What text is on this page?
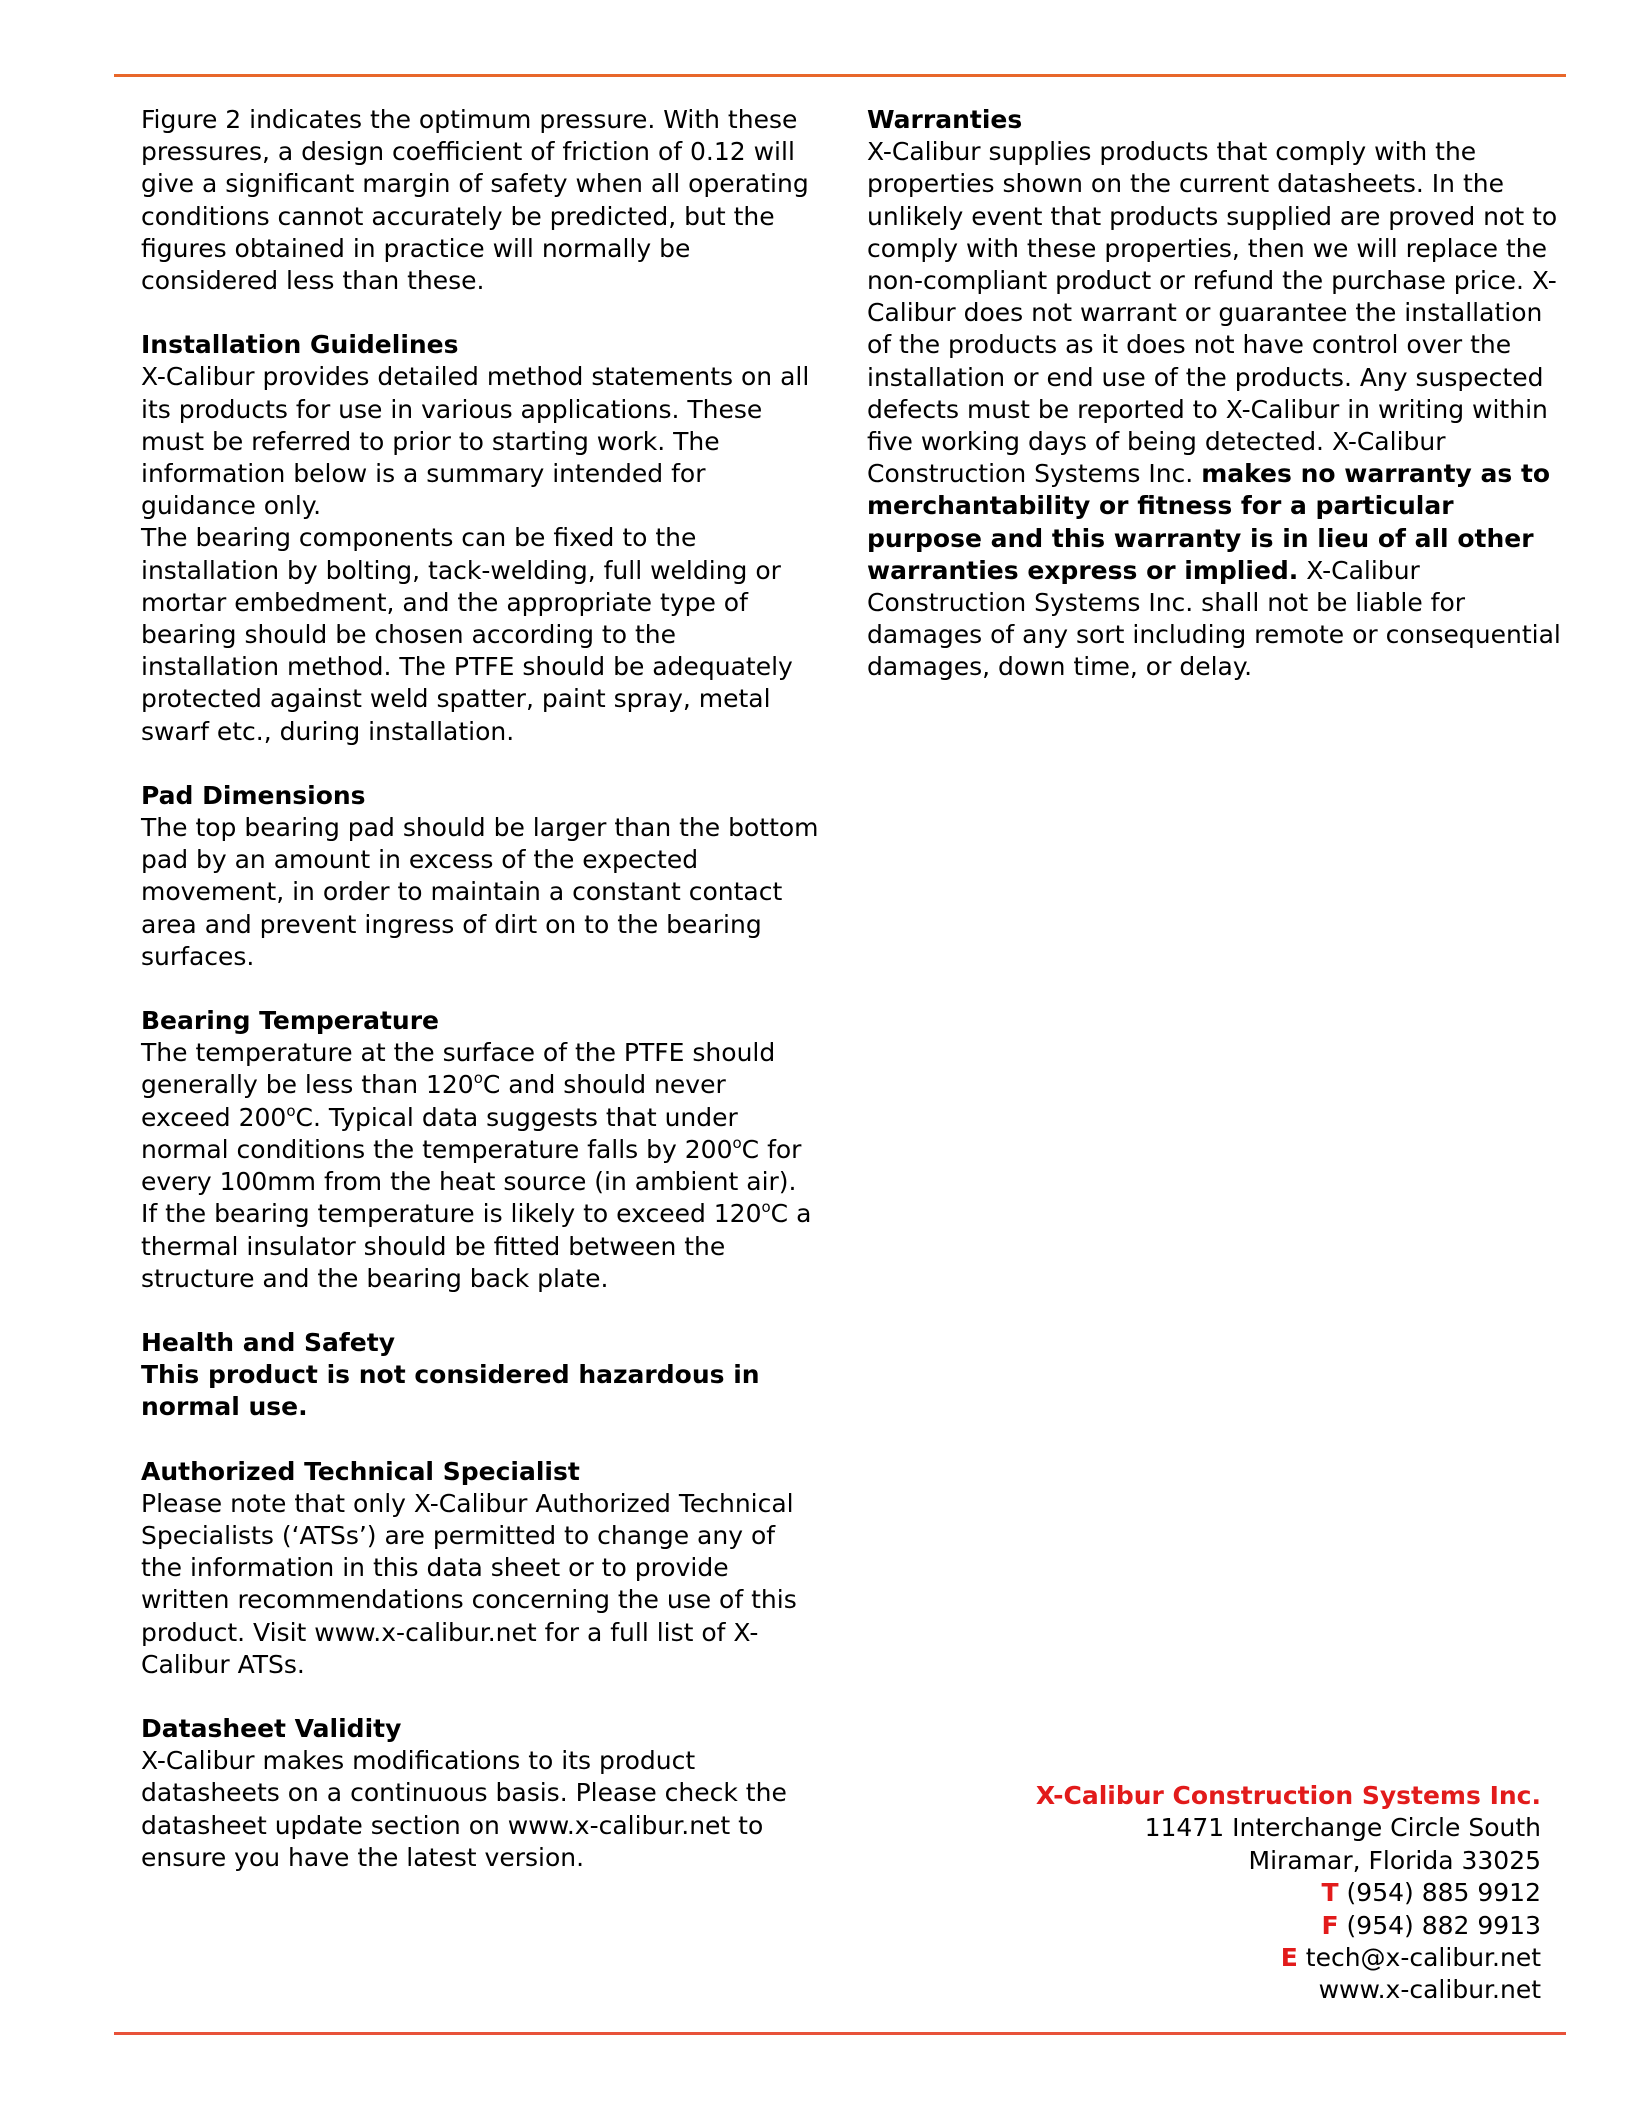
Figure 2 indicates the optimum pressure. With these pressures, a design coefficient of friction of 0.12 will give a significant margin of safety when all operating conditions cannot accurately be predicted, but the figures obtained in practice will normally be considered less than these.

Installation Guidelines

X-Calibur provides detailed method statements on all its products for use in various applications. These must be referred to prior to starting work. The information below is a summary intended for guidance only.

The bearing components can be fixed to the installation by bolting, tack-welding, full welding or mortar embedment, and the appropriate type of bearing should be chosen according to the installation method. The PTFE should be adequately protected against weld spatter, paint spray, metal swarf etc., during installation.

Pad Dimensions

The top bearing pad should be larger than the bottom pad by an amount in excess of the expected movement, in order to maintain a constant contact area and prevent ingress of dirt on to the bearing surfaces.

Bearing Temperature

The temperature at the surface of the PTFE should generally be less than 120$^o$C and should never exceed 200$^o$C. Typical data suggests that under normal conditions the temperature falls by 200$^o$C for every 100mm from the heat source (in ambient air).

If the bearing temperature is likely to exceed 120$^o$C a thermal insulator should be fitted between the structure and the bearing back plate.

Health and Safety

This product is not considered hazardous in normal use.

Authorized Technical Specialist

Please note that only X-Calibur Authorized Technical Specialists (‘ATSs’) are permitted to change any of the information in this data sheet or to provide written recommendations concerning the use of this product. Visit www.x-calibur.net for a full list of X-Calibur ATSs.

Datasheet Validity

X-Calibur makes modifications to its product datasheets on a continuous basis. Please check the datasheet update section on www.x-calibur.net to ensure you have the latest version.

Warranties

X-Calibur supplies products that comply with the properties shown on the current datasheets. In the unlikely event that products supplied are proved not to comply with these properties, then we will replace the non-compliant product or refund the purchase price. X-Calibur does not warrant or guarantee the installation of the products as it does not have control over the installation or end use of the products. Any suspected defects must be reported to X-Calibur in writing within five working days of being detected. X-Calibur Construction Systems Inc. makes no warranty as to merchantability or fitness for a particular purpose and this warranty is in lieu of all other warranties express or implied. X-Calibur Construction Systems Inc. shall not be liable for damages of any sort including remote or consequential damages, down time, or delay.

X-Calibur Construction Systems Inc.
11471 Interchange Circle South
Miramar, Florida 33025
T (954) 885 9912
F (954) 882 9913
E tech@x-calibur.net
www.x-calibur.net
